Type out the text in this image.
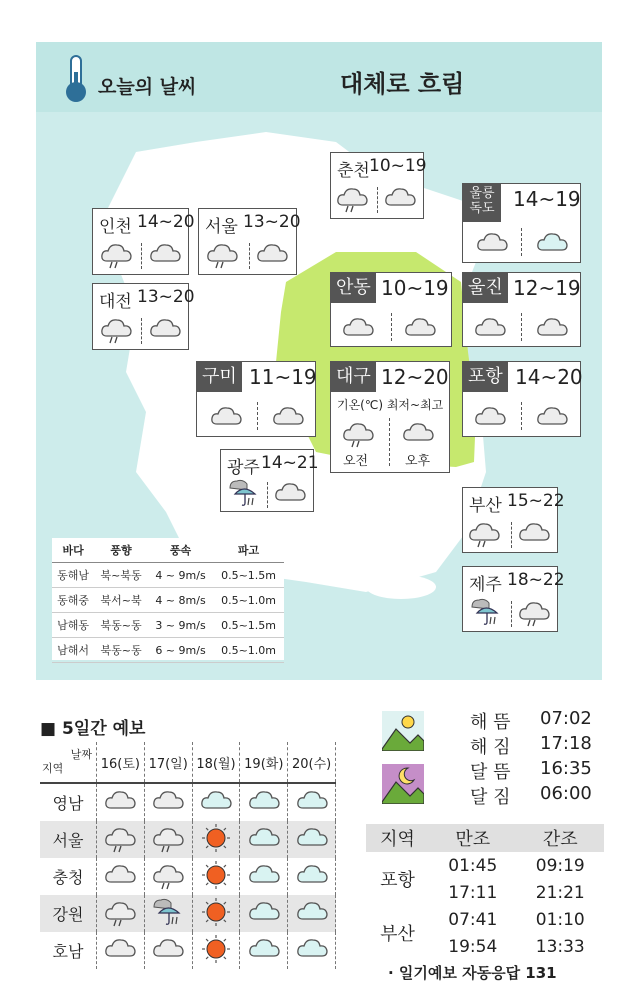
오늘의 날씨	대체로 흐림
인천 14~20 서울 13~20
춘천 10~19
대전 13~20
울릉독도 14~19
안동 10~19 울진 12~19
구미 11~19 대구 12~20
기온(℃) 최저~최고
오전	오후
포항 14~20
광주 14~21
부산 15~22
제주 18~22
바다	풍향	풍속	파고
동해남	북~북동	4 ~ 9m/s	0.5~1.5m
동해중	북서~북	4 ~ 8m/s	0.5~1.0m
남해동	북동~동	3 ~ 9m/s	0.5~1.5m
남해서	북동~동	6 ~ 9m/s	0.5~1.0m
■ 5일간 예보
날짜
지역	16(토)	17(일)	18(월)	19(화)	20(수)
영남	

서울	

충청	

강원	

호남	

해 뜸 07:02
해 짐 17:18
달 뜸 16:35
달 짐 06:00
지역	만조	간조
포항	01:45	09:19
	17:11	21:21
부산	07:41	01:10
	19:54	13:33
· 일기예보 자동응답 131
